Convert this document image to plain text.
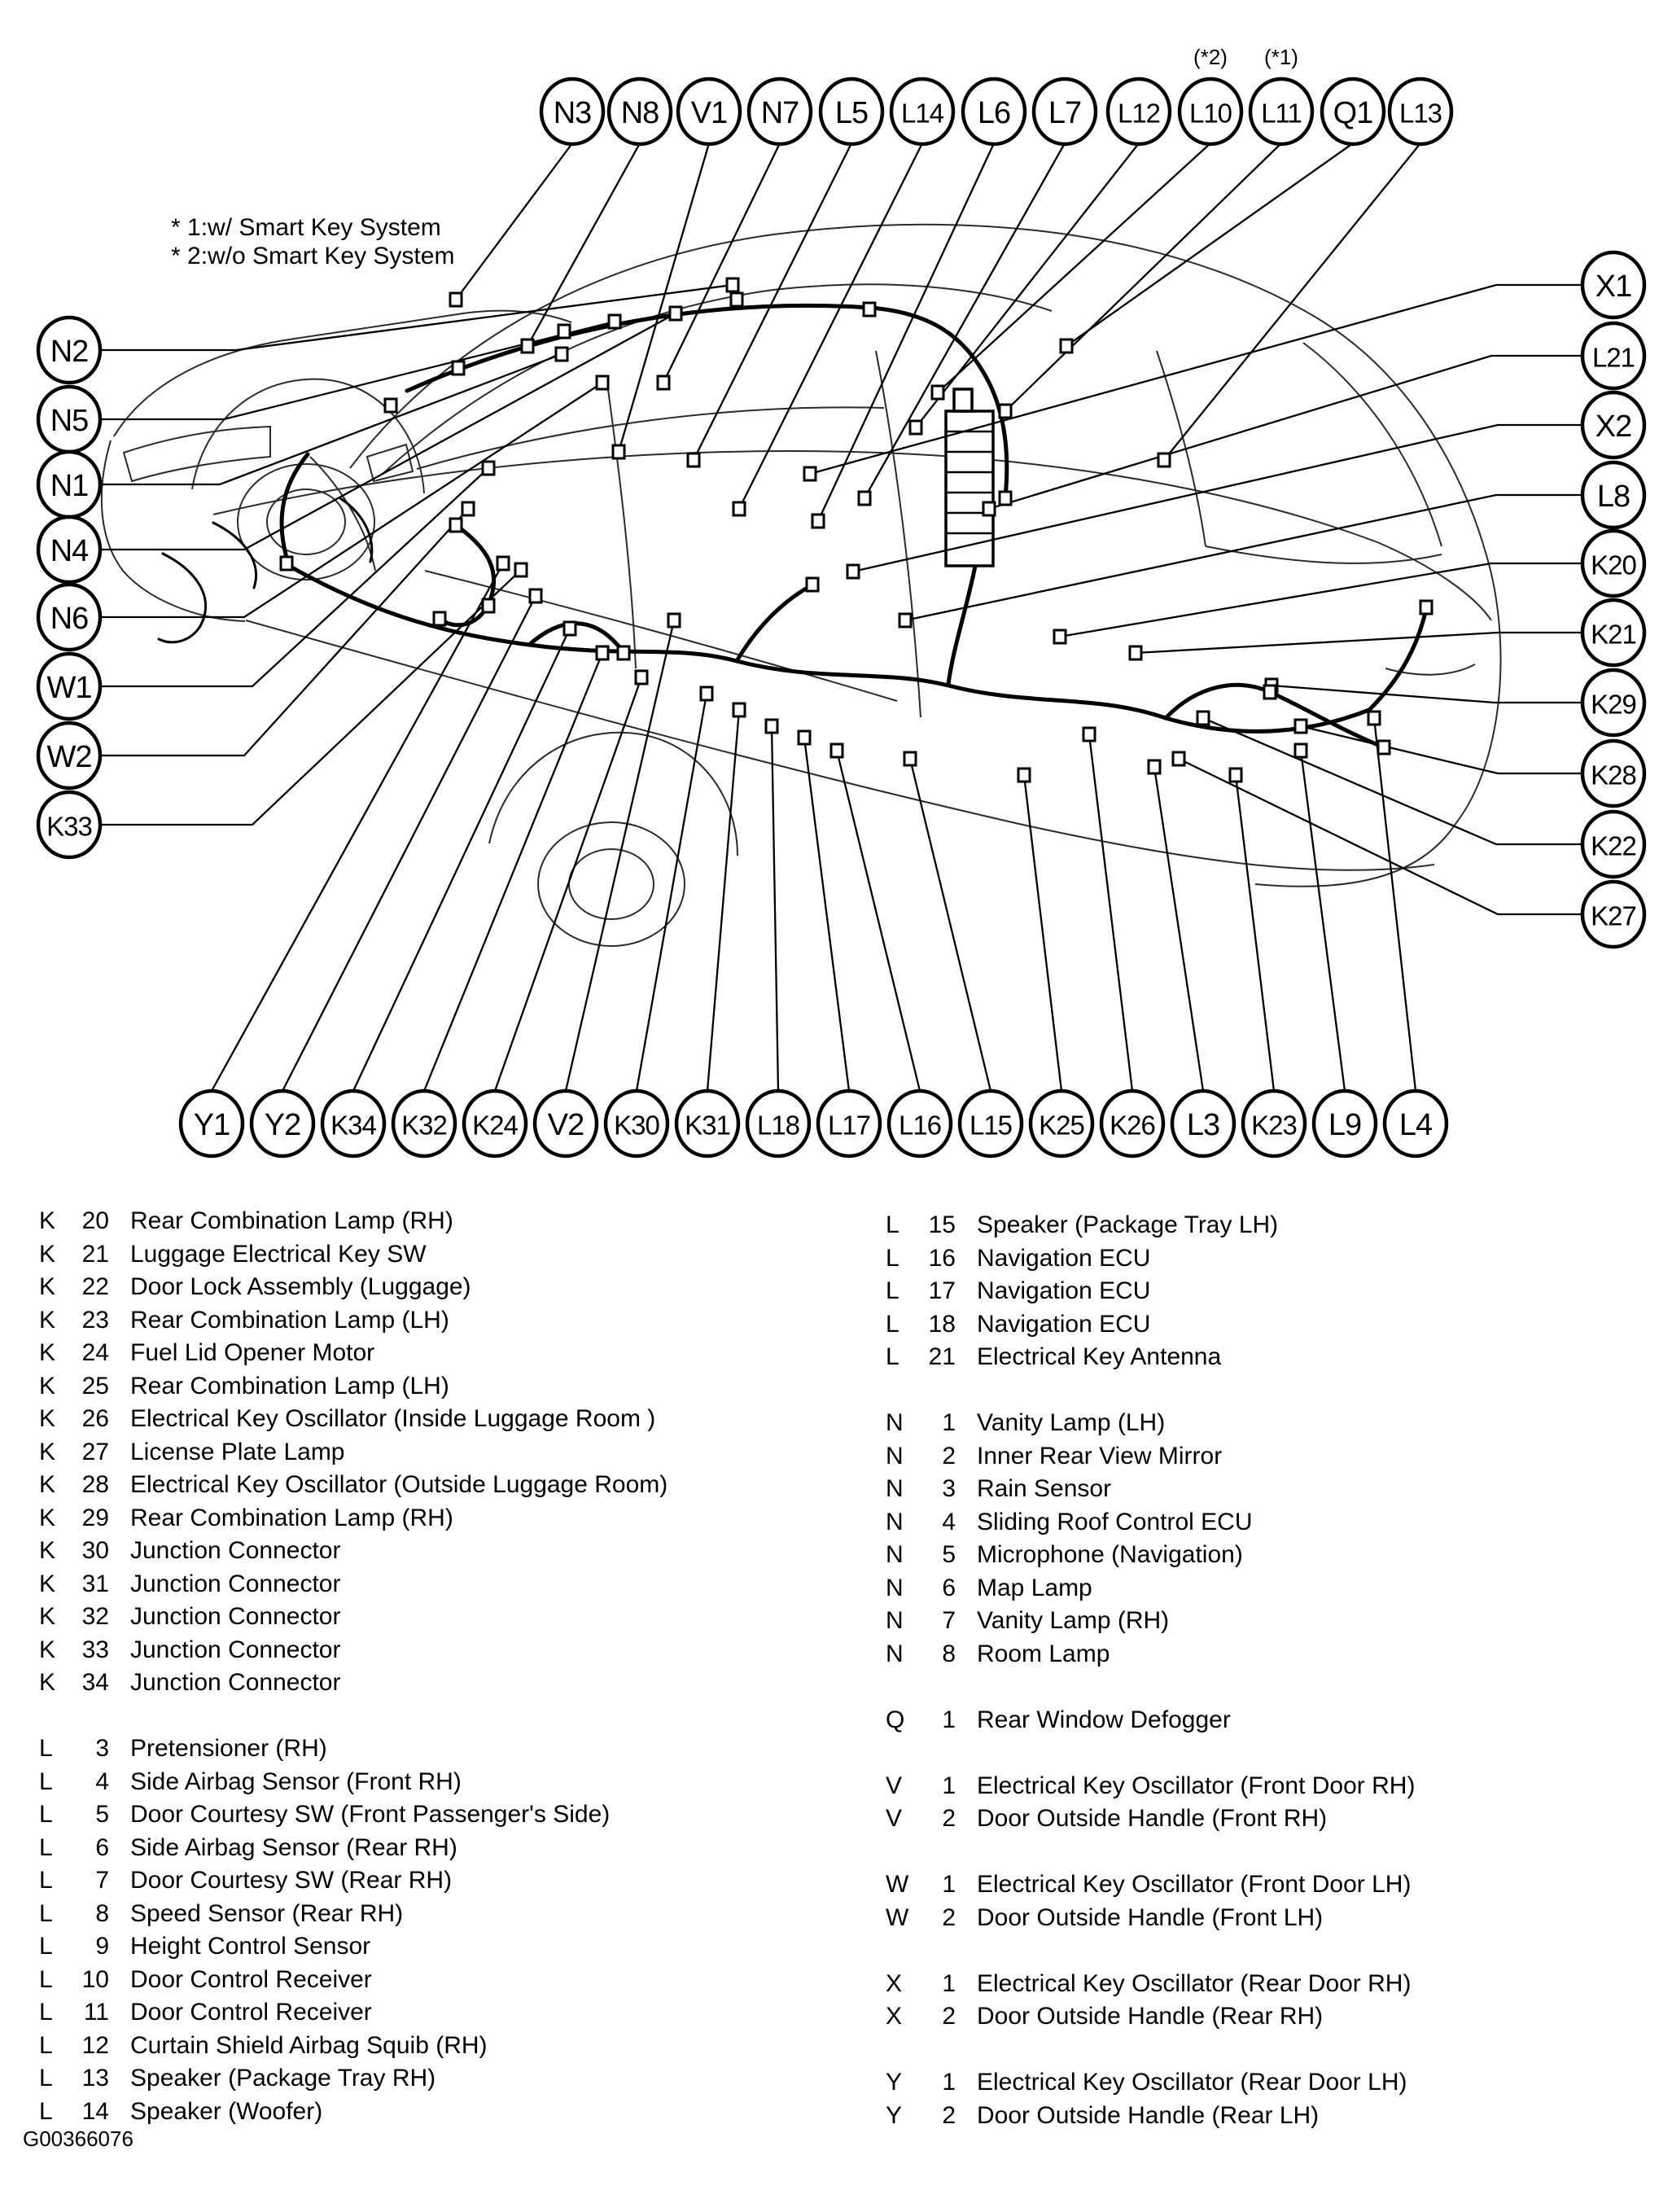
N3 N8 V1 N7 L5 L14 L6 L7 L12 L10
(*2)
L11
(*1)
Q1 L13
N2
N5
N1
N4
N6
W1
W2
K33
X1
L21
X2
L8
K20
K21
K29
K28
K22
K27
Y1 Y2 K34 K32 K24 V2 K30 K31 L18 L17 L16 L15 K25 K26 L3 K23 L9 L4
* 1:w/ Smart Key System
* 2:w/o Smart Key System
K	20 Rear Combination Lamp (RH)
K	21 Luggage Electrical Key SW
K	22 Door Lock Assembly (Luggage)
K	23 Rear Combination Lamp (LH)
K	24 Fuel Lid Opener Motor
K	25 Rear Combination Lamp (LH)
K	26 Electrical Key Oscillator (Inside Luggage Room )
K	27 License Plate Lamp
K	28 Electrical Key Oscillator (Outside Luggage Room)
K	29 Rear Combination Lamp (RH)
K	30 Junction Connector
K	31 Junction Connector
K	32 Junction Connector
K	33 Junction Connector
K	34 Junction Connector
L	3 Pretensioner (RH)
L	4 Side Airbag Sensor (Front RH)
L	5 Door Courtesy SW (Front Passenger's Side)
L	6 Side Airbag Sensor (Rear RH)
L	7 Door Courtesy SW (Rear RH)
L	8 Speed Sensor (Rear RH)
L	9 Height Control Sensor
L	10 Door Control Receiver
L	11 Door Control Receiver
L	12 Curtain Shield Airbag Squib (RH)
L	13 Speaker (Package Tray RH)
L	14 Speaker (Woofer)
L	15 Speaker (Package Tray LH)
L	16 Navigation ECU
L	17 Navigation ECU
L	18 Navigation ECU
L	21 Electrical Key Antenna
N	1 Vanity Lamp (LH)
N	2 Inner Rear View Mirror
N	3 Rain Sensor
N	4 Sliding Roof Control ECU
N	5 Microphone (Navigation)
N	6 Map Lamp
N	7 Vanity Lamp (RH)
N	8 Room Lamp
Q	1 Rear Window Defogger
V	1 Electrical Key Oscillator (Front Door RH)
V	2 Door Outside Handle (Front RH)
W	1 Electrical Key Oscillator (Front Door LH)
W	2 Door Outside Handle (Front LH)
X	1 Electrical Key Oscillator (Rear Door RH)
X	2 Door Outside Handle (Rear RH)
Y	1 Electrical Key Oscillator (Rear Door LH)
Y	2 Door Outside Handle (Rear LH)
G00366076
